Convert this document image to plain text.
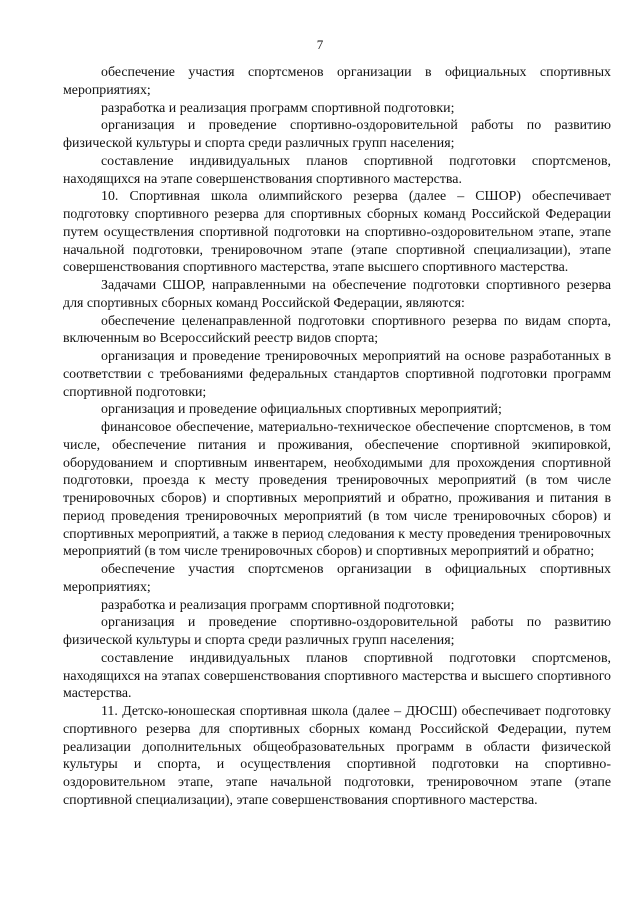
7

обеспечение участия спортсменов организации в официальных спортивных мероприятиях;

разработка и реализация программ спортивной подготовки;

организация и проведение спортивно-оздоровительной работы по развитию физической культуры и спорта среди различных групп населения;

составление индивидуальных планов спортивной подготовки спортсменов, находящихся на этапе совершенствования спортивного мастерства.

10. Спортивная школа олимпийского резерва (далее – СШОР) обеспечивает подготовку спортивного резерва для спортивных сборных команд Российской Федерации путем осуществления спортивной подготовки на спортивно-оздоровительном этапе, этапе начальной подготовки, тренировочном этапе (этапе спортивной специализации), этапе совершенствования спортивного мастерства, этапе высшего спортивного мастерства.

Задачами СШОР, направленными на обеспечение подготовки спортивного резерва для спортивных сборных команд Российской Федерации, являются:

обеспечение целенаправленной подготовки спортивного резерва по видам спорта, включенным во Всероссийский реестр видов спорта;

организация и проведение тренировочных мероприятий на основе разработанных в соответствии с требованиями федеральных стандартов спортивной подготовки программ спортивной подготовки;

организация и проведение официальных спортивных мероприятий;

финансовое обеспечение, материально-техническое обеспечение спортсменов, в том числе, обеспечение питания и проживания, обеспечение спортивной экипировкой, оборудованием и спортивным инвентарем, необходимыми для прохождения спортивной подготовки, проезда к месту проведения тренировочных мероприятий (в том числе тренировочных сборов) и спортивных мероприятий и обратно, проживания и питания в период проведения тренировочных мероприятий (в том числе тренировочных сборов) и спортивных мероприятий, а также в период следования к месту проведения тренировочных мероприятий (в том числе тренировочных сборов) и спортивных мероприятий и обратно;

обеспечение участия спортсменов организации в официальных спортивных мероприятиях;

разработка и реализация программ спортивной подготовки;

организация и проведение спортивно-оздоровительной работы по развитию физической культуры и спорта среди различных групп населения;

составление индивидуальных планов спортивной подготовки спортсменов, находящихся на этапах совершенствования спортивного мастерства и высшего спортивного мастерства.

11. Детско-юношеская спортивная школа (далее – ДЮСШ) обеспечивает подготовку спортивного резерва для спортивных сборных команд Российской Федерации, путем реализации дополнительных общеобразовательных программ в области физической культуры и спорта, и осуществления спортивной подготовки на спортивно-оздоровительном этапе, этапе начальной подготовки, тренировочном этапе (этапе спортивной специализации), этапе совершенствования спортивного мастерства.
